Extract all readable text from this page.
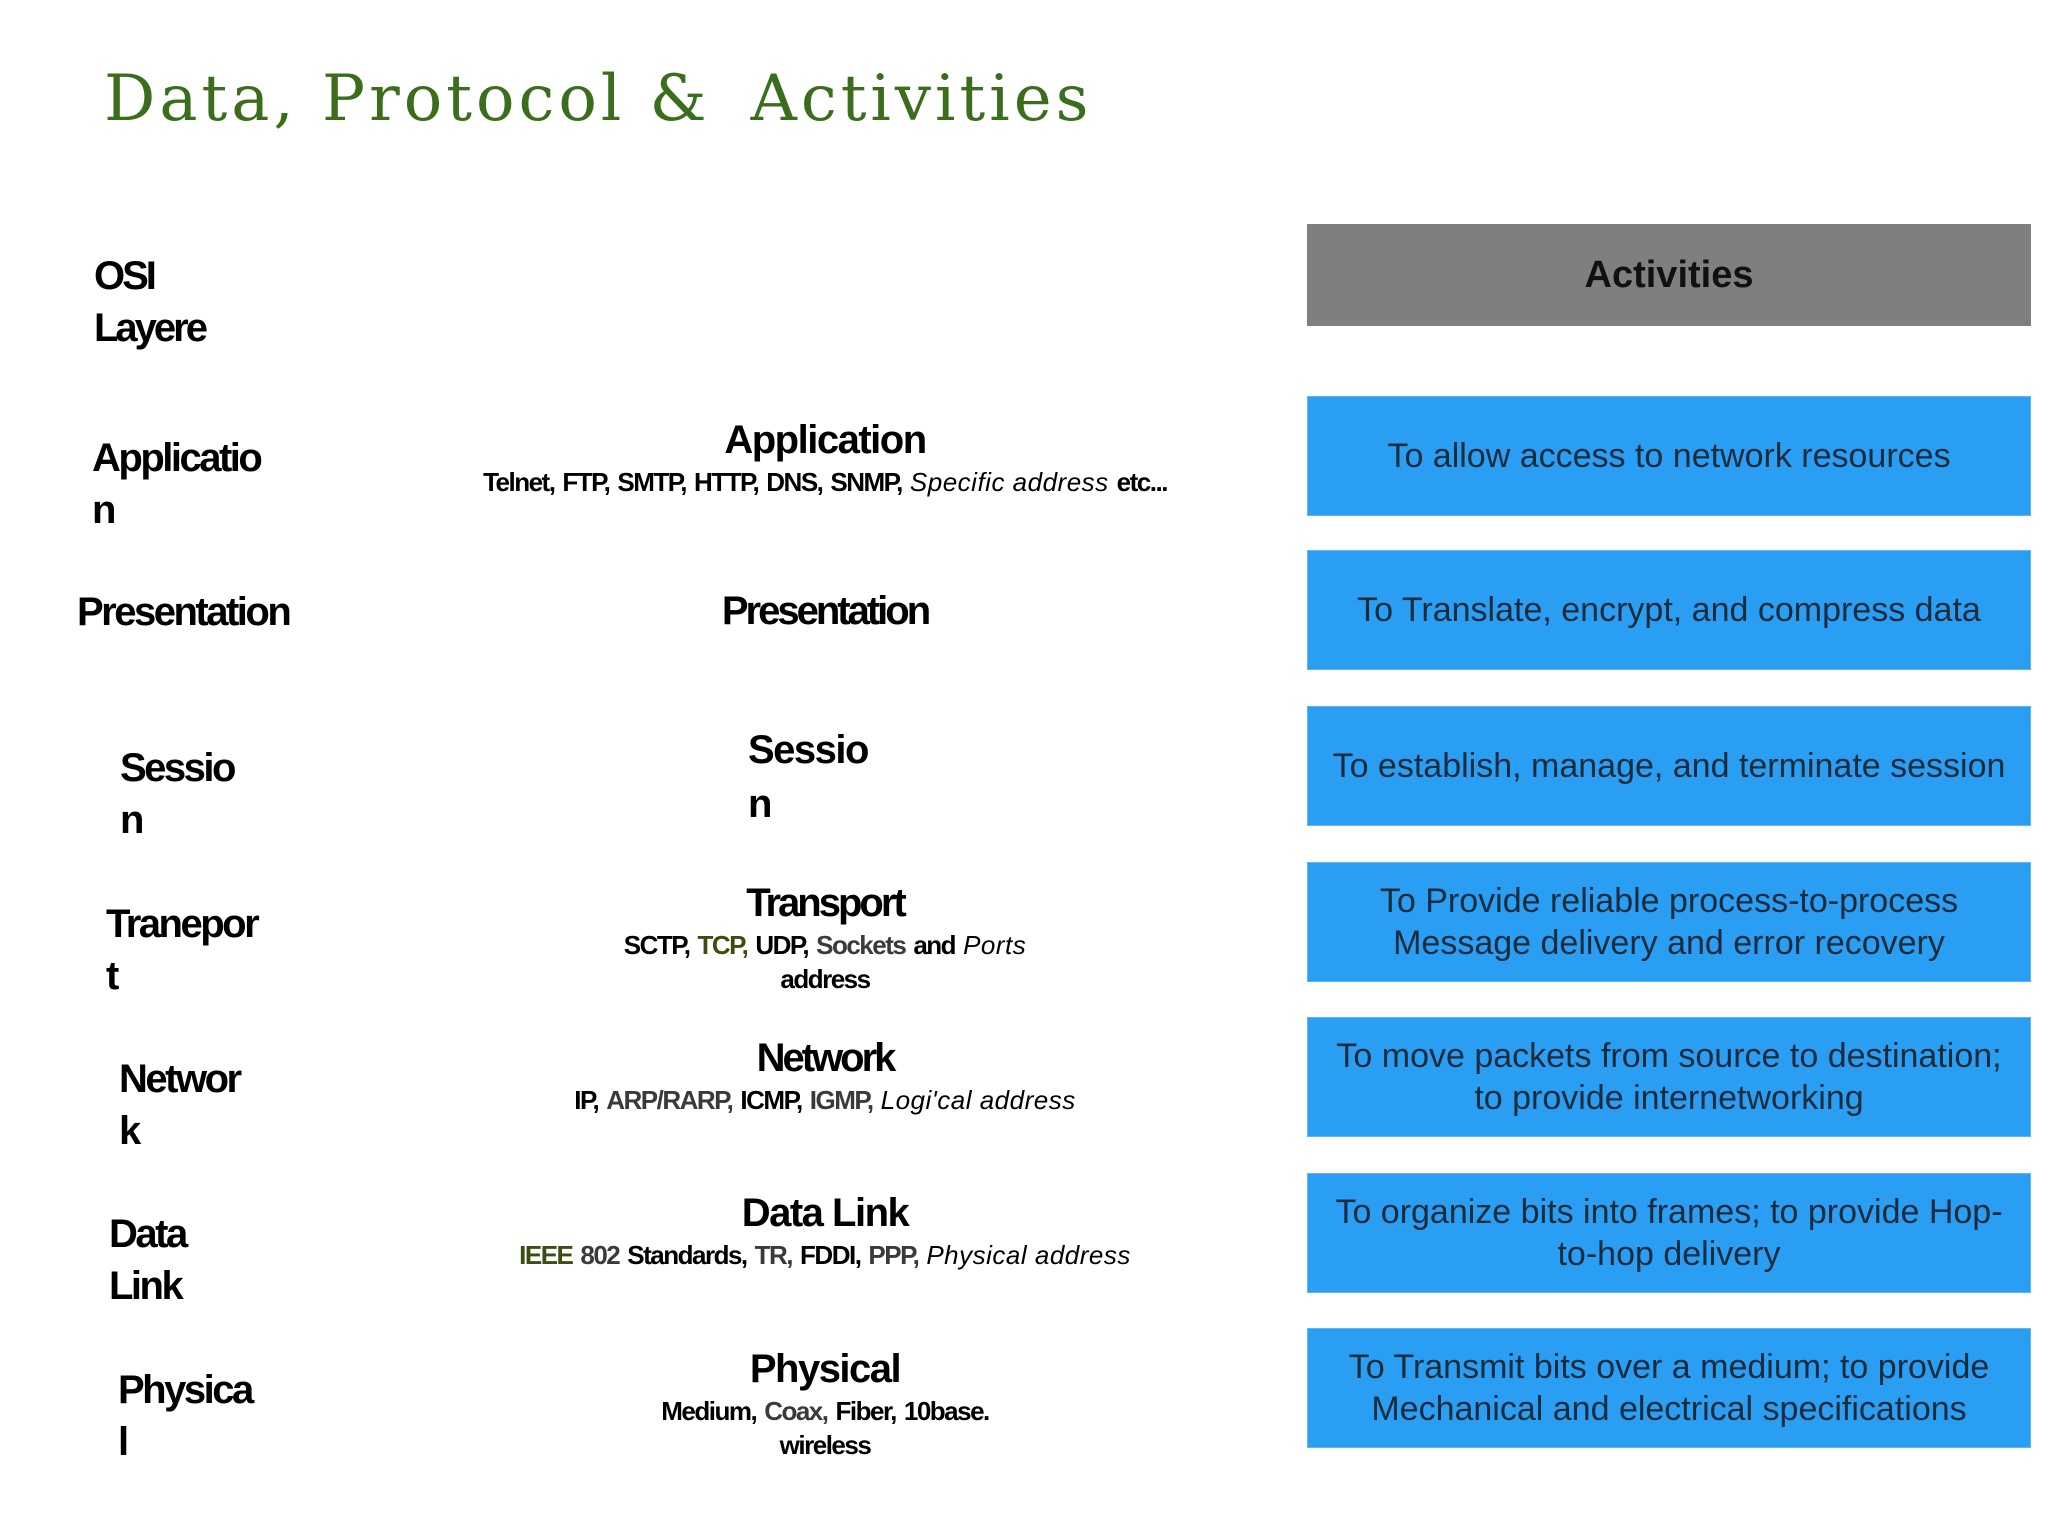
Data, Protocol & Activities
OSI Layere
Applicatio
n
Presentation
Sessio
n
Tranepor
t
Networ
k
Data
Link
Physica
l
Application
Telnet, FTP, SMTP, HTTP, DNS, SNMP, Specific address etc...
Presentation
Sessio
n
Transport
SCTP, TCP, UDP, Sockets and Ports
address
Network
IP, ARP/RARP, ICMP, IGMP, Logi'cal address
Data Link
IEEE 802 Standards, TR, FDDI, PPP, Physical address
Physical
Medium, Coax, Fiber, 10base.
wireless
Activities
To allow access to network resources
To Translate, encrypt, and compress data
To establish, manage, and terminate session
To Provide reliable process-to-process Message delivery and error recovery
To move packets from source to destination; to provide internetworking
To organize bits into frames; to provide Hop-to-hop delivery
To Transmit bits over a medium; to provide Mechanical and electrical specifications
